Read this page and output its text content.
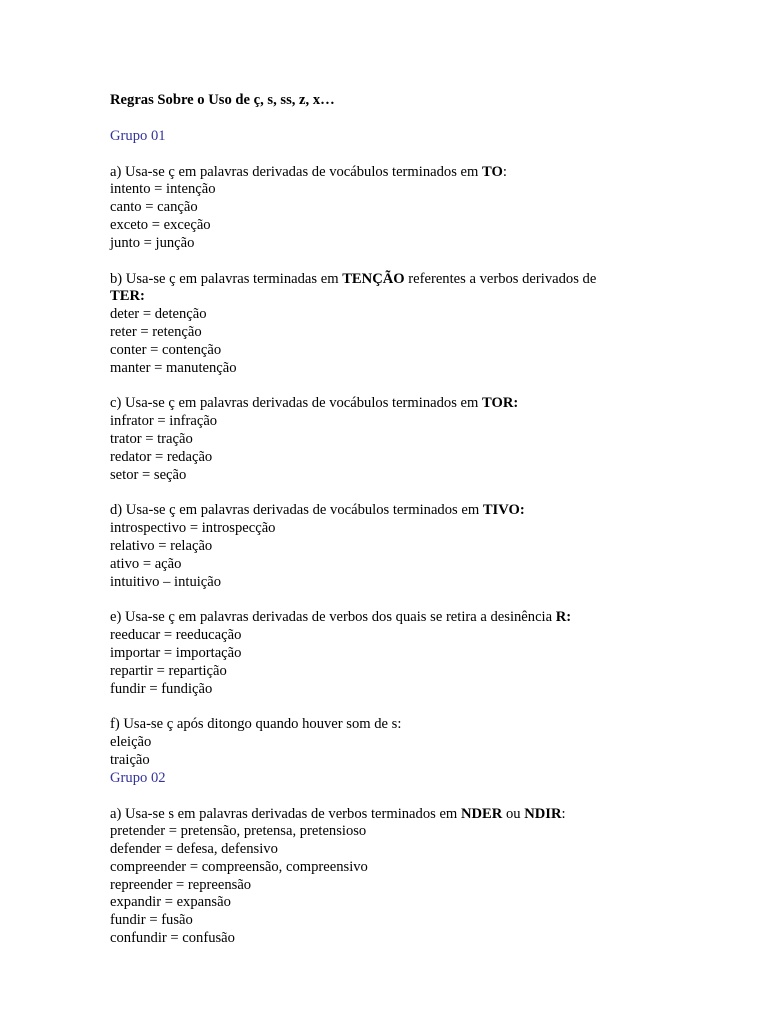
Regras Sobre o Uso de ç, s, ss, z, x…

Grupo 01

a) Usa-se ç em palavras derivadas de vocábulos terminados em TO:

intento = intenção

canto = canção

exceto = exceção

junto = junção

b) Usa-se ç em palavras terminadas em TENÇÃO referentes a verbos derivados de

TER:

deter = detenção

reter = retenção

conter = contenção

manter = manutenção

c) Usa-se ç em palavras derivadas de vocábulos terminados em TOR:

infrator = infração

trator = tração

redator = redação

setor = seção

d) Usa-se ç em palavras derivadas de vocábulos terminados em TIVO:

introspectivo = introspecção

relativo = relação

ativo = ação

intuitivo – intuição

e) Usa-se ç em palavras derivadas de verbos dos quais se retira a desinência R:

reeducar = reeducação

importar = importação

repartir = repartição

fundir = fundição

f) Usa-se ç após ditongo quando houver som de s:

eleição

traição

Grupo 02

a) Usa-se s em palavras derivadas de verbos terminados em NDER ou NDIR:

pretender = pretensão, pretensa, pretensioso

defender = defesa, defensivo

compreender = compreensão, compreensivo

repreender = repreensão

expandir = expansão

fundir = fusão

confundir = confusão
